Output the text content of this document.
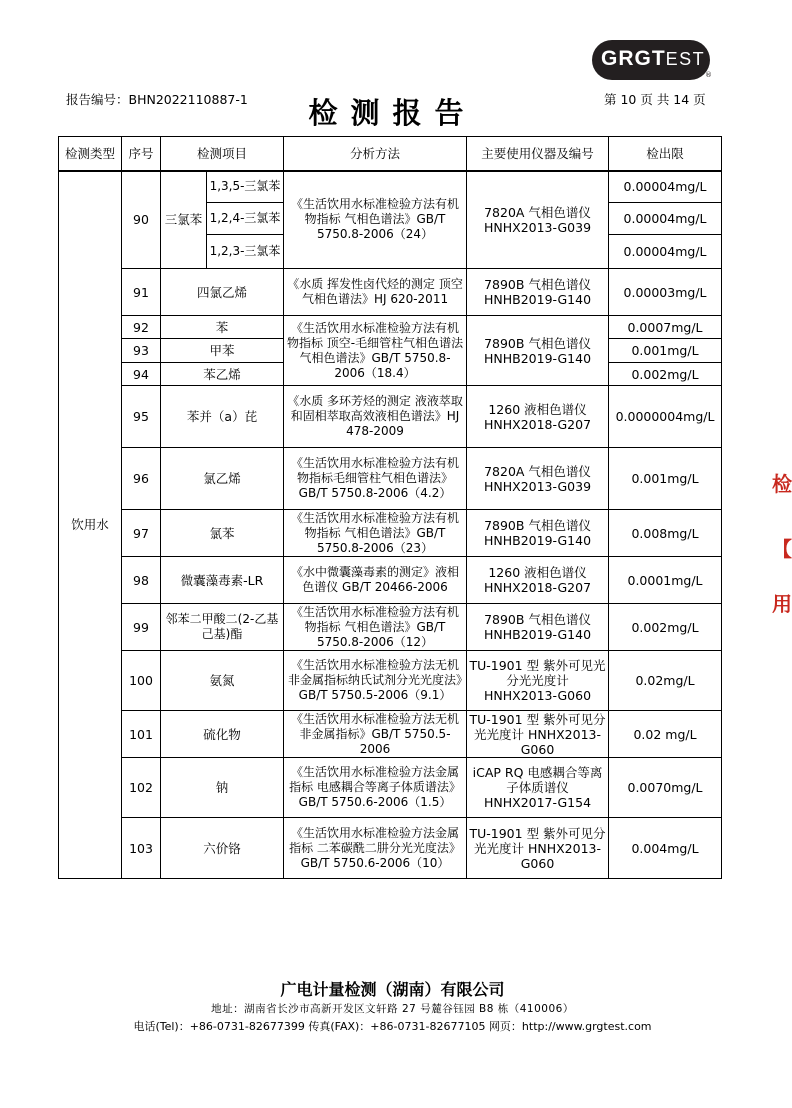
GRGTEST
®
报告编号：BHN2022110887-1	检测报告	第 10 页 共 14 页
检测类型	序号	检测项目		分析方法	主要使用仪器及编号	检出限
饮用水	90	三氯苯	1,3,5-三氯苯	《生活饮用水标准检验方法有机物指标 气相色谱法》GB/T 5750.8-2006（24）	7820A 气相色谱仪 HNHX2013-G039	0.00004mg/L
			1,2,4-三氯苯			0.00004mg/L
			1,2,3-三氯苯			0.00004mg/L
	91	四氯乙烯		《水质 挥发性卤代烃的测定 顶空气相色谱法》HJ 620-2011	7890B 气相色谱仪 HNHB2019-G140	0.00003mg/L
	92	苯		《生活饮用水标准检验方法有机物指标 顶空-毛细管柱气相色谱法气相色谱法》GB/T 5750.8-2006（18.4）	7890B 气相色谱仪 HNHB2019-G140	0.0007mg/L
	93	甲苯				0.001mg/L
	94	苯乙烯				0.002mg/L
	95	苯并（a）芘		《水质 多环芳烃的测定 液液萃取和固相萃取高效液相色谱法》HJ 478-2009	1260 液相色谱仪 HNHX2018-G207	0.0000004mg/L
	96	氯乙烯		《生活饮用水标准检验方法有机物指标毛细管柱气相色谱法》GB/T 5750.8-2006（4.2）	7820A 气相色谱仪 HNHX2013-G039	0.001mg/L
	97	氯苯		《生活饮用水标准检验方法有机物指标 气相色谱法》GB/T 5750.8-2006（23）	7890B 气相色谱仪 HNHB2019-G140	0.008mg/L
	98	微囊藻毒素-LR		《水中微囊藻毒素的测定》液相色谱仪 GB/T 20466-2006	1260 液相色谱仪 HNHX2018-G207	0.0001mg/L
	99	邻苯二甲酸二(2-乙基己基)酯		《生活饮用水标准检验方法有机物指标 气相色谱法》GB/T 5750.8-2006（12）	7890B 气相色谱仪 HNHB2019-G140	0.002mg/L
	100	氨氮		《生活饮用水标准检验方法无机非金属指标纳氏试剂分光光度法》GB/T 5750.5-2006（9.1）	TU-1901 型 紫外可见光分光光度计 HNHX2013-G060	0.02mg/L
	101	硫化物		《生活饮用水标准检验方法无机非金属指标》GB/T 5750.5-2006	TU-1901 型 紫外可见分光光度计 HNHX2013-G060	0.02 mg/L
	102	钠		《生活饮用水标准检验方法金属指标 电感耦合等离子体质谱法》GB/T 5750.6-2006（1.5）	iCAP RQ 电感耦合等离子体质谱仪 HNHX2017-G154	0.0070mg/L
	103	六价铬		《生活饮用水标准检验方法金属指标 二苯碳酰二肼分光光度法》GB/T 5750.6-2006（10）	TU-1901 型 紫外可见分光光度计 HNHX2013-G060	0.004mg/L
广电计量检测（湖南）有限公司
地址：湖南省长沙市高新开发区文轩路 27 号麓谷钰园 B8 栋（410006）
电话(Tel)：+86-0731-82677399 传真(FAX)：+86-0731-82677105 网页：http://www.grgtest.com
检
【
用
